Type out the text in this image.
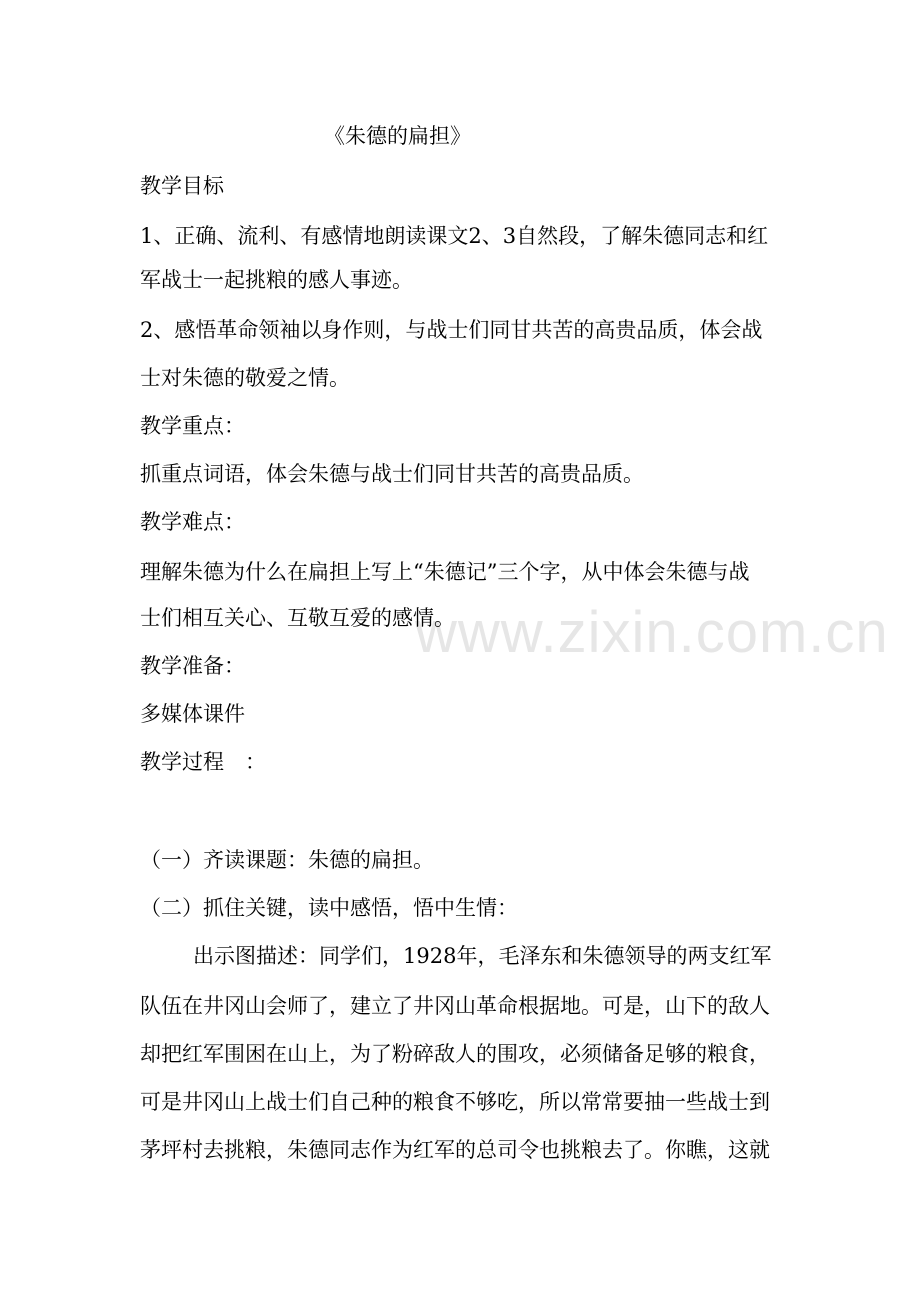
www.zixin.com.cn
《朱德的扁担》
教学目标
1、正确、流利、有感情地朗读课文2、3自然段，了解朱德同志和红
军战士一起挑粮的感人事迹。
2、感悟革命领袖以身作则，与战士们同甘共苦的高贵品质，体会战
士对朱德的敬爱之情。
教学重点：
抓重点词语，体会朱德与战士们同甘共苦的高贵品质。
教学难点：
理解朱德为什么在扁担上写上“朱德记”三个字，从中体会朱德与战
士们相互关心、互敬互爱的感情。
教学准备：
多媒体课件
教学过程　：
（一）齐读课题：朱德的扁担。
（二）抓住关键，读中感悟，悟中生情：
出示图描述：同学们，1928年，毛泽东和朱德领导的两支红军
队伍在井冈山会师了，建立了井冈山革命根据地。可是，山下的敌人
却把红军围困在山上，为了粉碎敌人的围攻，必须储备足够的粮食，
可是井冈山上战士们自己种的粮食不够吃，所以常常要抽一些战士到
茅坪村去挑粮，朱德同志作为红军的总司令也挑粮去了。你瞧，这就
